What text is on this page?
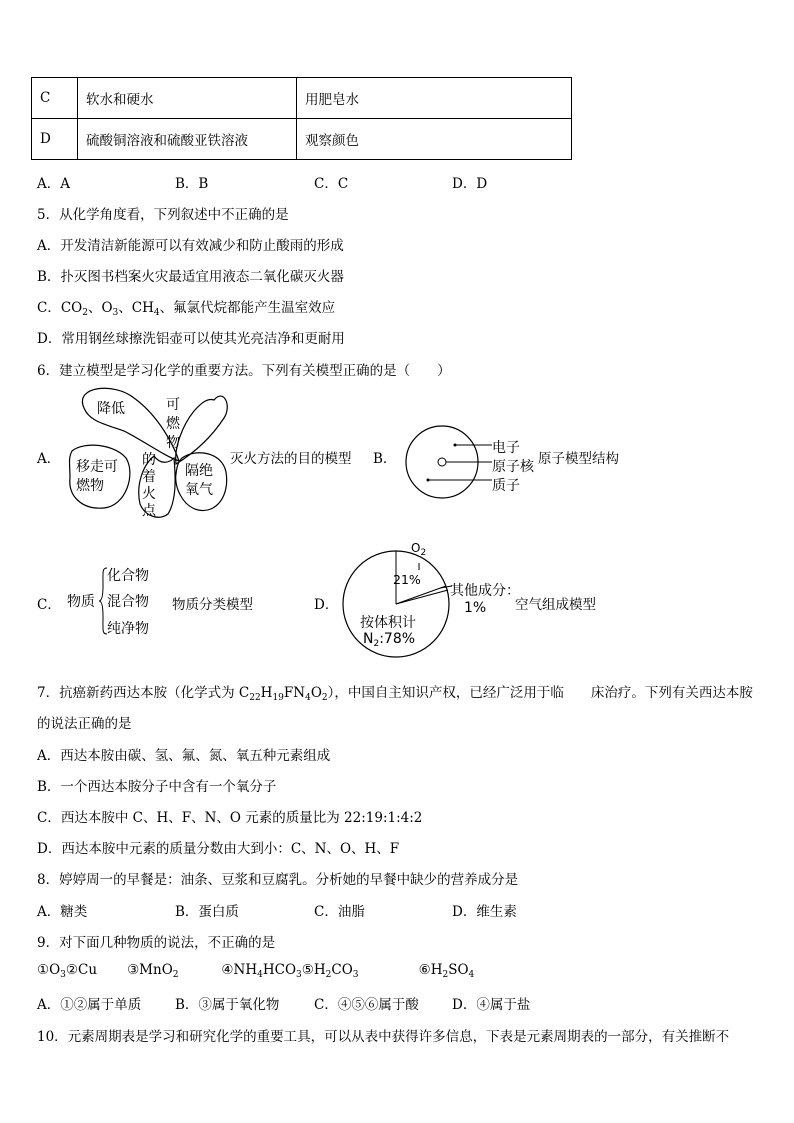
C	软水和硬水	用肥皂水
D	硫酸铜溶液和硫酸亚铁溶液	观察颜色
A．A	B．B	C．C	D．D
5．从化学角度看，下列叙述中不正确的是
A．开发清洁新能源可以有效减少和防止酸雨的形成
B．扑灭图书档案火灾最适宜用液态二氧化碳灭火器
C．$CO_2$、$O_3$、$CH_4$、氟氯代烷都能产生温室效应
D．常用钢丝球擦洗铝壶可以使其光亮洁净和更耐用
6．建立模型是学习化学的重要方法。下列有关模型正确的是（　　）
A．
降低	可燃物
的着火点
移走可燃物
隔绝氧气
灭火方法的目的模型 B．
电子
原子核
质子
原子模型结构
C． 物质
化合物
混合物
纯净物
物质分类模型	D．
$O_2$
21%
其他成分：
1%
按体积计
$N_2:78\%$
空气组成模型
7．抗癌新药西达本胺（化学式为 $C_{22}H_{19}FN_4O_2$），中国自主知识产权，已经广泛用于临　　床治疗。下列有关西达本胺
的说法正确的是
A．西达本胺由碳、氢、氟、氮、氧五种元素组成
B．一个西达本胺分子中含有一个氧分子
C．西达本胺中 C、H、F、N、O 元素的质量比为 22:19:1:4:2
D．西达本胺中元素的质量分数由大到小：C、N、O、H、F
8．婷婷周一的早餐是：油条、豆浆和豆腐乳。分析她的早餐中缺少的营养成分是
A．糖类	B．蛋白质	C．油脂	D．维生素
9．对下面几种物质的说法，不正确的是
$①O_3②Cu$       ③MnO$_2$          $④NH_4HCO_3⑤H_2CO_3$              $⑥H_2SO_4$
A．①②属于单质	B．③属于氧化物	C．④⑤⑥属于酸 D．④属于盐
10．元素周期表是学习和研究化学的重要工具，可以从表中获得许多信息，下表是元素周期表的一部分，有关推断不
